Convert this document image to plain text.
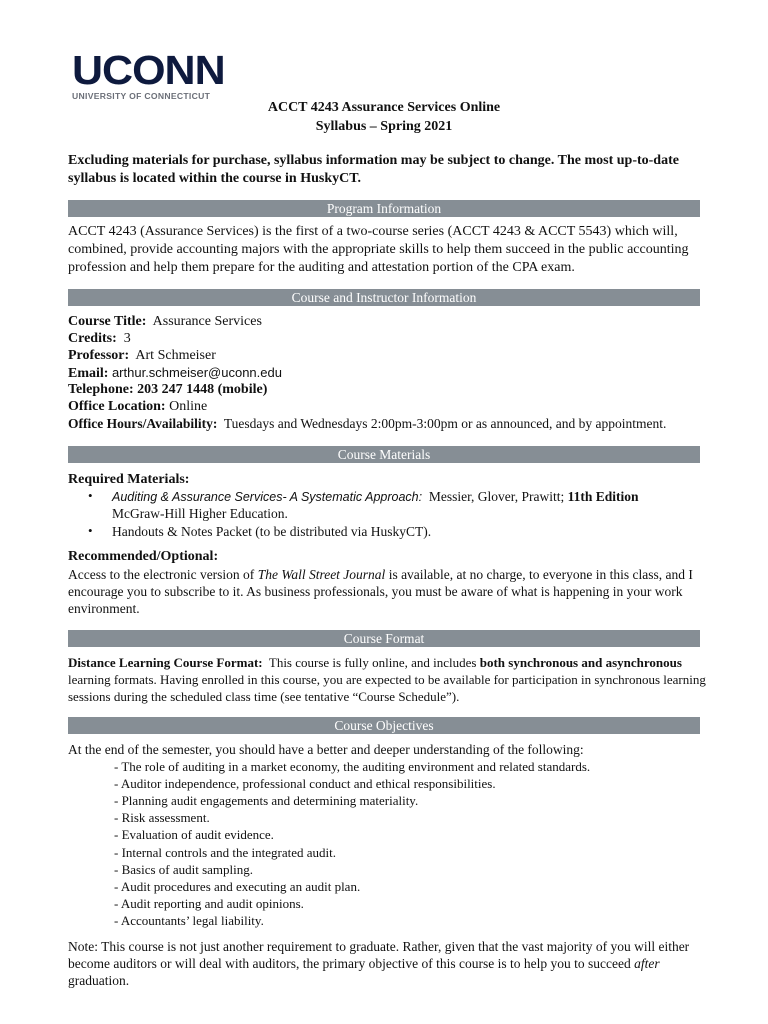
UCONN
UNIVERSITY OF CONNECTICUT
ACCT 4243 Assurance Services Online
Syllabus – Spring 2021
Excluding materials for purchase, syllabus information may be subject to change. The most up-to-date syllabus is located within the course in HuskyCT.
Program Information
ACCT 4243 (Assurance Services) is the first of a two-course series (ACCT 4243 & ACCT 5543) which will, combined, provide accounting majors with the appropriate skills to help them succeed in the public accounting profession and help them prepare for the auditing and attestation portion of the CPA exam.
Course and Instructor Information
Course Title: Assurance Services
Credits: 3
Professor: Art Schmeiser
Email: arthur.schmeiser@uconn.edu
Telephone: 203 247 1448 (mobile)
Office Location: Online
Office Hours/Availability: Tuesdays and Wednesdays 2:00pm-3:00pm or as announced, and by appointment.
Course Materials
Required Materials:
• Auditing & Assurance Services- A Systematic Approach: Messier, Glover, Prawitt; 11th Edition
McGraw-Hill Higher Education.
• Handouts & Notes Packet (to be distributed via HuskyCT).
Recommended/Optional:
Access to the electronic version of The Wall Street Journal is available, at no charge, to everyone in this class, and I encourage you to subscribe to it. As business professionals, you must be aware of what is happening in your work environment.
Course Format
Distance Learning Course Format: This course is fully online, and includes both synchronous and asynchronous learning formats. Having enrolled in this course, you are expected to be available for participation in synchronous learning sessions during the scheduled class time (see tentative “Course Schedule”).
Course Objectives
At the end of the semester, you should have a better and deeper understanding of the following:
- The role of auditing in a market economy, the auditing environment and related standards.
- Auditor independence, professional conduct and ethical responsibilities.
- Planning audit engagements and determining materiality.
- Risk assessment.
- Evaluation of audit evidence.
- Internal controls and the integrated audit.
- Basics of audit sampling.
- Audit procedures and executing an audit plan.
- Audit reporting and audit opinions.
- Accountants’ legal liability.
Note: This course is not just another requirement to graduate. Rather, given that the vast majority of you will either become auditors or will deal with auditors, the primary objective of this course is to help you to succeed after graduation.
